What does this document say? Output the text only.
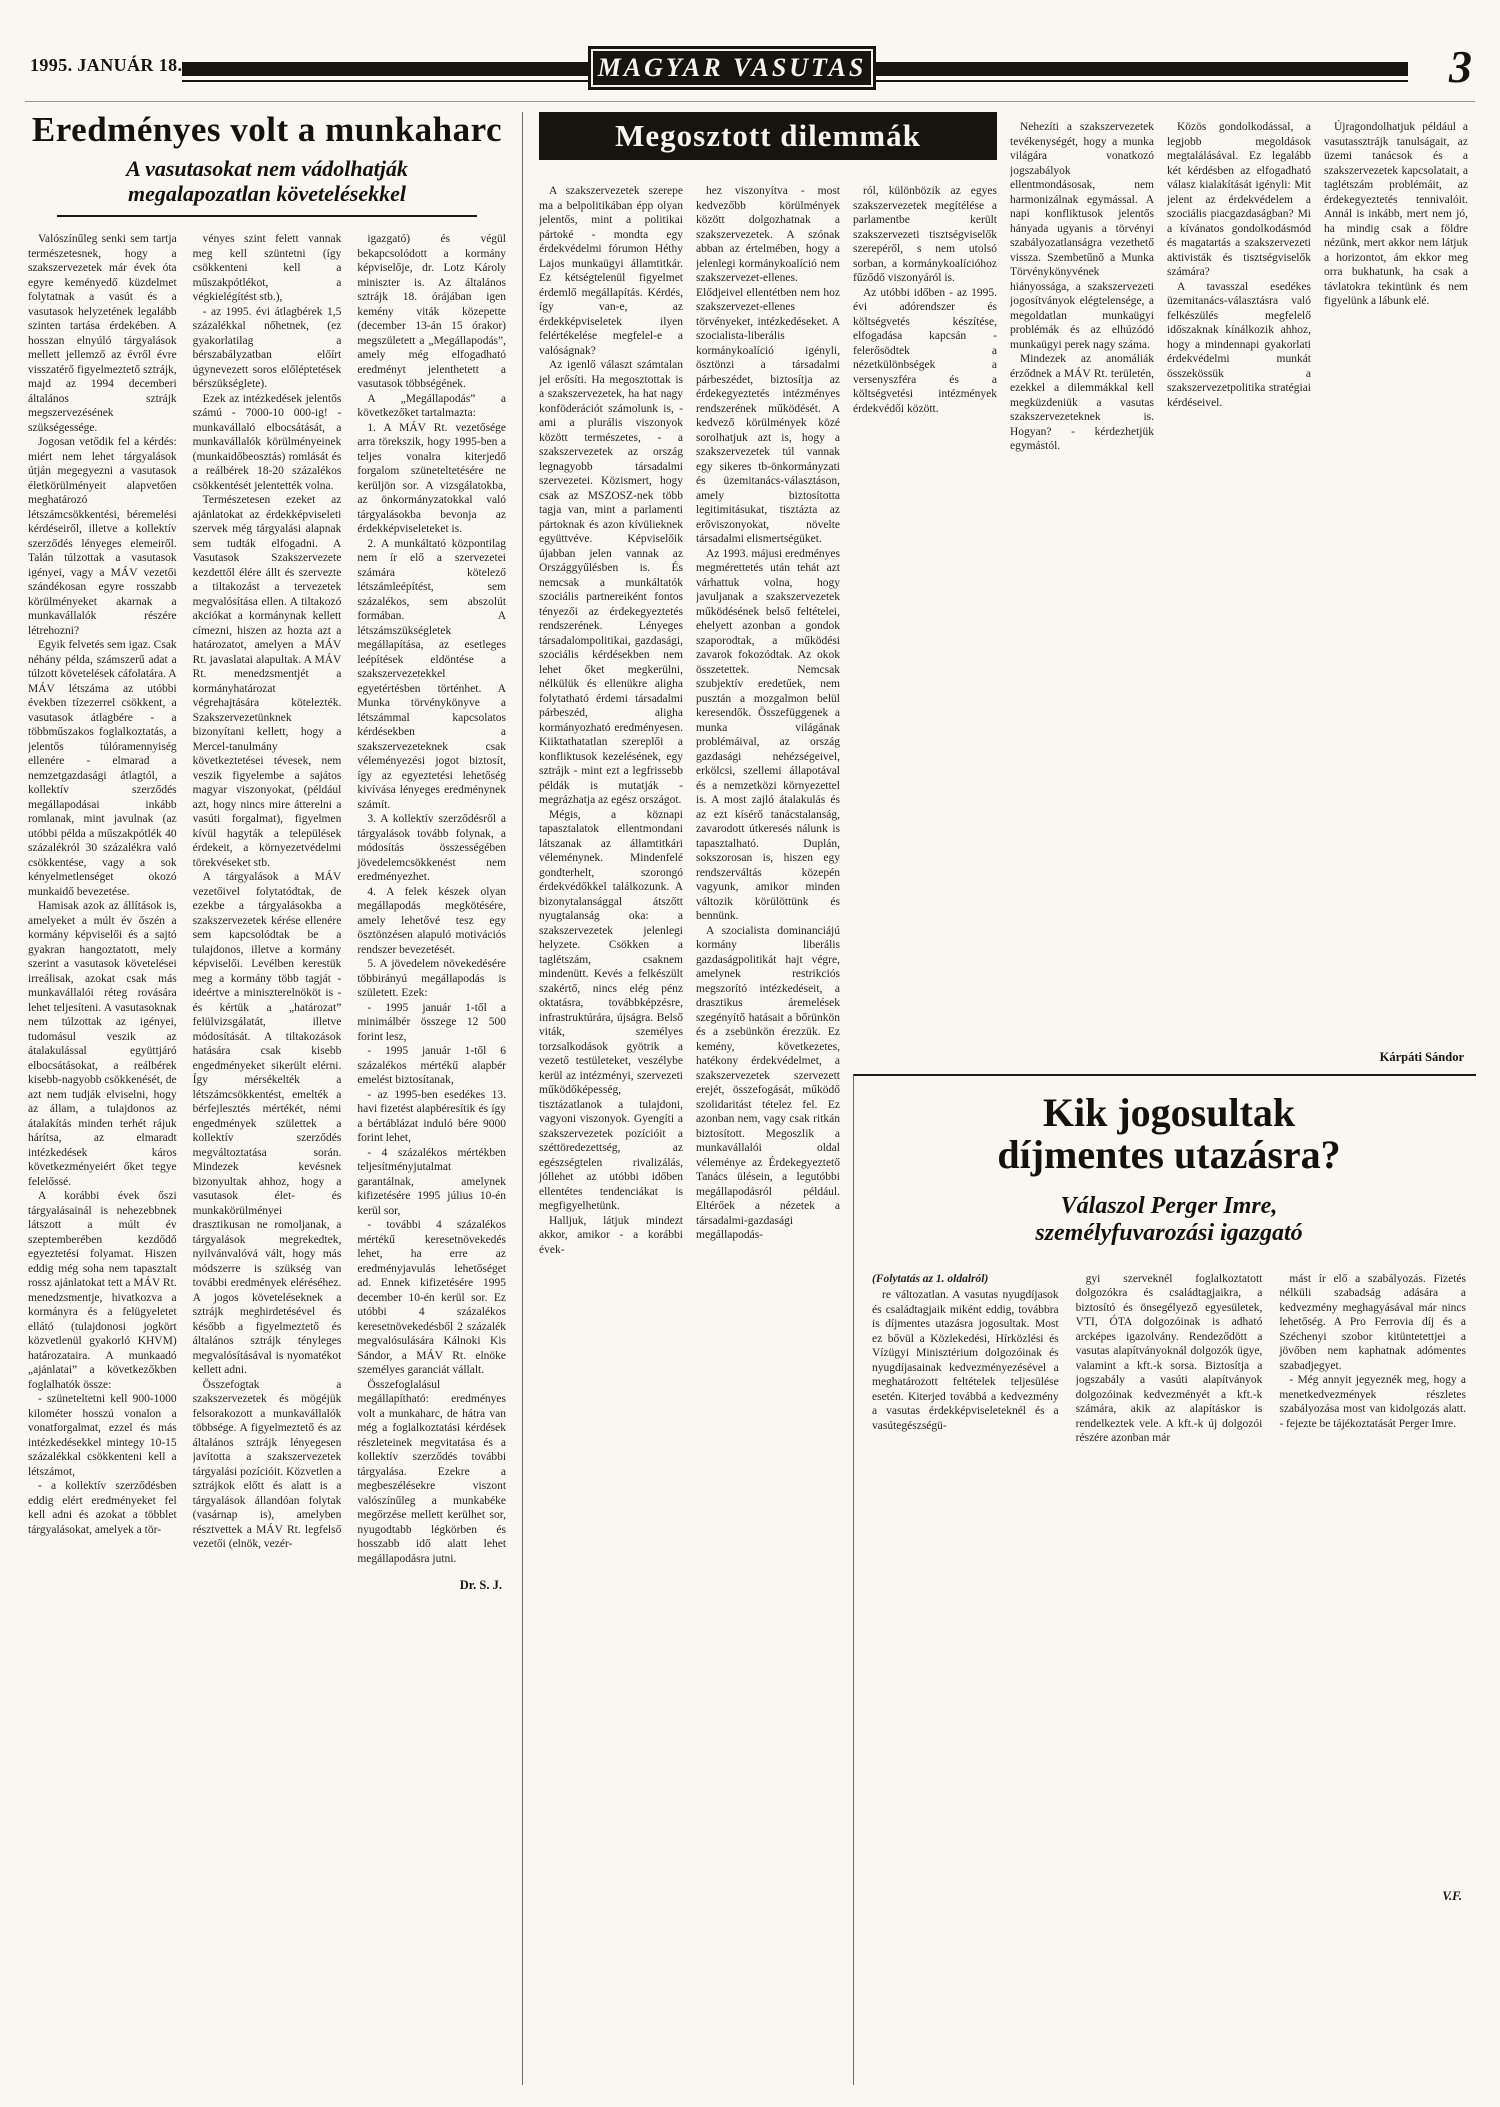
1995. JANUÁR 18.	MAGYAR VASUTAS	3
Eredményes volt a munkaharc
A vasutasokat nem vádolhatják
megalapozatlan követelésekkel

Valószínűleg senki sem tartja természetesnek, hogy a szakszervezetek már évek óta egyre keményedő küzdelmet folytatnak a vasút és a vasutasok helyzetének legalább szinten tartása érdekében. A hosszan elnyúló tárgyalások mellett jellemző az évről évre visszatérő figyelmeztető sztrájk, majd az 1994 decemberi általános sztrájk megszervezésének szükségessége.

Jogosan vetődik fel a kérdés: miért nem lehet tárgyalások útján megegyezni a vasutasok életkörülményeit alapvetően meghatározó létszámcsökkentési, béremelési kérdéseiről, illetve a kollektív szerződés lényeges elemeiről. Talán túlzottak a vasutasok igényei, vagy a MÁV vezetői szándékosan egyre rosszabb körülményeket akarnak a munkavállalók részére létrehozni?

Egyik felvetés sem igaz. Csak néhány példa, számszerű adat a túlzott követelések cáfolatára. A MÁV létszáma az utóbbi években tízezerrel csökkent, a vasutasok átlagbére - a többműszakos foglalkoztatás, a jelentős túlóramennyiség ellenére - elmarad a nemzetgazdasági átlagtól, a kollektív szerződés megállapodásai inkább romlanak, mint javulnak (az utóbbi példa a műszakpótlék 40 százalékról 30 százalékra való csökkentése, vagy a sok kényelmetlenséget okozó munkaidő bevezetése.

Hamisak azok az állítások is, amelyeket a múlt év őszén a kormány képviselői és a sajtó gyakran hangoztatott, mely szerint a vasutasok követelései irreálisak, azokat csak más munkavállalói réteg rovására lehet teljesíteni. A vasutasoknak nem túlzottak az igényei, tudomásul veszik az átalakulással együttjáró elbocsátásokat, a reálbérek kisebb-nagyobb csökkenését, de azt nem tudják elviselni, hogy az állam, a tulajdonos az átalakítás minden terhét rájuk hárítsa, az elmaradt intézkedések káros következményeiért őket tegye felelőssé.

A korábbi évek őszi tárgyalásainál is nehezebbnek látszott a múlt év szeptemberében kezdődő egyeztetési folyamat. Hiszen eddig még soha nem tapasztalt rossz ajánlatokat tett a MÁV Rt. menedzsmentje, hivatkozva a kormányra és a felügyeletet ellátó (tulajdonosi jogkört közvetlenül gyakorló KHVM) határozataira. A munkaadó „ajánlatai” a következőkben foglalhatók össze:

- szüneteltetni kell 900-1000 kilométer hosszú vonalon a vonatforgalmat, ezzel és más intézkedésekkel mintegy 10-15 százalékkal csökkenteni kell a létszámot,

- a kollektív szerződésben eddig elért eredményeket fel kell adni és azokat a többlet tárgyalásokat, amelyek a tör-

vényes szint felett vannak meg kell szüntetni (így csökkenteni kell a műszakpótlékot, a végkielégítést stb.),

- az 1995. évi átlagbérek 1,5 százalékkal nőhetnek, (ez gyakorlatilag a bérszabályzatban előírt úgynevezett soros előléptetések bérszükséglete).

Ezek az intézkedések jelentős számú - 7000-10 000-ig! - munkavállaló elbocsátását, a munkavállalók körülményeinek (munkaidőbeosztás) romlását és a reálbérek 18-20 százalékos csökkentését jelentették volna.

Természetesen ezeket az ajánlatokat az érdekképviseleti szervek még tárgyalási alapnak sem tudták elfogadni. A Vasutasok Szakszervezete kezdettől élére állt és szervezte a tiltakozást a tervezetek megvalósítása ellen. A tiltakozó akciókat a kormánynak kellett címezni, hiszen az hozta azt a határozatot, amelyen a MÁV Rt. javaslatai alapultak. A MÁV Rt. menedzsmentjét a kormányhatározat végrehajtására kötelezték. Szakszervezetünknek bizonyítani kellett, hogy a Mercel-tanulmány következtetései tévesek, nem veszik figyelembe a sajátos magyar viszonyokat, (például azt, hogy nincs mire átterelni a vasúti forgalmat), figyelmen kívül hagyták a települések érdekeit, a környezetvédelmi törekvéseket stb.

A tárgyalások a MÁV vezetőivel folytatódtak, de ezekbe a tárgyalásokba a szakszervezetek kérése ellenére sem kapcsolódtak be a tulajdonos, illetve a kormány képviselői. Levélben kerestük meg a kormány több tagját - ideértve a miniszterelnököt is - és kértük a „határozat” felülvizsgálatát, illetve módosítását. A tiltakozások hatására csak kisebb engedményeket sikerült elérni. Így mérsékelték a létszámcsökkentést, emelték a bérfejlesztés mértékét, némi engedmények születtek a kollektív szerződés megváltoztatása során. Mindezek kevésnek bizonyultak ahhoz, hogy a vasutasok élet- és munkakörülményei drasztikusan ne romoljanak, a tárgyalások megrekedtek, nyilvánvalóvá vált, hogy más módszerre is szükség van további eredmények eléréséhez. A jogos követeléseknek a sztrájk meghirdetésével és később a figyelmeztető és általános sztrájk tényleges megvalósításával is nyomatékot kellett adni.

Összefogtak a szakszervezetek és mögéjük felsorakozott a munkavállalók többsége. A figyelmeztető és az általános sztrájk lényegesen javította a szakszervezetek tárgyalási pozícióit. Közvetlen a sztrájkok előtt és alatt is a tárgyalások állandóan folytak (vasárnap is), amelyben résztvettek a MÁV Rt. legfelső vezetői (elnök, vezér-

igazgató) és végül bekapcsolódott a kormány képviselője, dr. Lotz Károly miniszter is. Az általános sztrájk 18. órájában igen kemény viták közepette (december 13-án 15 órakor) megszületett a „Megállapodás”, amely még elfogadható eredményt jelenthetett a vasutasok többségének.

A „Megállapodás” a következőket tartalmazta:

1. A MÁV Rt. vezetősége arra törekszik, hogy 1995-ben a teljes vonalra kiterjedő forgalom szüneteltetésére ne kerüljön sor. A vizsgálatokba, az önkormányzatokkal való tárgyalásokba bevonja az érdekképviseleteket is.

2. A munkáltató központilag nem ír elő a szervezetei számára kötelező létszámleépítést, sem százalékos, sem abszolút formában. A létszámszükségletek megállapítása, az esetleges leépítések eldöntése a szakszervezetekkel egyetértésben történhet. A Munka törvénykönyve a létszámmal kapcsolatos kérdésekben a szakszervezeteknek csak véleményezési jogot biztosít, így az egyeztetési lehetőség kivívása lényeges eredménynek számít.

3. A kollektív szerződésről a tárgyalások tovább folynak, a módosítás összességében jövedelemcsökkenést nem eredményezhet.

4. A felek készek olyan megállapodás megkötésére, amely lehetővé tesz egy ösztönzésen alapuló motivációs rendszer bevezetését.

5. A jövedelem növekedésére többirányú megállapodás is született. Ezek:

- 1995 január 1-től a minimálbér összege 12 500 forint lesz,

- 1995 január 1-től 6 százalékos mértékű alapbér emelést biztosítanak,

- az 1995-ben esedékes 13. havi fizetést alapbéresítik és így a bértáblázat induló bére 9000 forint lehet,

- 4 százalékos mértékben teljesítményjutalmat garantálnak, amelynek kifizetésére 1995 július 10-én kerül sor,

- további 4 százalékos mértékű keresetnövekedés lehet, ha erre az eredményjavulás lehetőséget ad. Ennek kifizetésére 1995 december 10-én kerül sor. Ez utóbbi 4 százalékos keresetnövekedésből 2 százalék megvalósulására Kálnoki Kis Sándor, a MÁV Rt. elnöke személyes garanciát vállalt.

Összefoglalásul megállapítható: eredményes volt a munkaharc, de hátra van még a foglalkoztatási kérdések részleteinek megvitatása és a kollektív szerződés további tárgyalása. Ezekre a megbeszélésekre viszont valószínűleg a munkabéke megőrzése mellett kerülhet sor, nyugodtabb légkörben és hosszabb idő alatt lehet megállapodásra jutni.

Dr. S. J.
Megosztott dilemmák

A szakszervezetek szerepe ma a belpolitikában épp olyan jelentős, mint a politikai pártoké - mondta egy érdekvédelmi fórumon Héthy Lajos munkaügyi államtitkár. Ez kétségtelenül figyelmet érdemlő megállapítás. Kérdés, így van-e, az érdekképviseletek ilyen felértékelése megfelel-e a valóságnak?

Az igenlő választ számtalan jel erősíti. Ha megosztottak is a szakszervezetek, ha hat nagy konföderációt számolunk is, - ami a plurális viszonyok között természetes, - a szakszervezetek az ország legnagyobb társadalmi szervezetei. Közismert, hogy csak az MSZOSZ-nek több tagja van, mint a parlamenti pártoknak és azon kívülieknek együttvéve. Képviselőik újabban jelen vannak az Országgyűlésben is. És nemcsak a munkáltatók szociális partnereiként fontos tényezői az érdekegyeztetés rendszerének. Lényeges társadalompolitikai, gazdasági, szociális kérdésekben nem lehet őket megkerülni, nélkülük és ellenükre aligha folytatható érdemi társadalmi párbeszéd, aligha kormányozható eredményesen. Kiiktathatatlan szereplői a konfliktusok kezelésének, egy sztrájk - mint ezt a legfrissebb példák is mutatják - megrázhatja az egész országot.

Mégis, a köznapi tapasztalatok ellentmondani látszanak az államtitkári véleménynek. Mindenfelé gondterhelt, szorongó érdekvédőkkel találkozunk. A bizonytalansággal átszőtt nyugtalanság oka: a szakszervezetek jelenlegi helyzete. Csökken a taglétszám, csaknem mindenütt. Kevés a felkészült szakértő, nincs elég pénz oktatásra, továbbképzésre, infrastruktúrára, újságra. Belső viták, személyes torzsalkodások gyötrik a vezető testületeket, veszélybe kerül az intézményi, szervezeti működőképesség, tisztázatlanok a tulajdoni, vagyoni viszonyok. Gyengíti a szakszervezetek pozícióit a széttöredezettség, az egészségtelen rivalizálás, jóllehet az utóbbi időben ellentétes tendenciákat is megfigyelhetünk.

Halljuk, látjuk mindezt akkor, amikor - a korábbi évek-

hez viszonyítva - most kedvezőbb körülmények között dolgozhatnak a szakszervezetek. A szónak abban az értelmében, hogy a jelenlegi kormánykoalíció nem szakszervezet-ellenes. Elődjeivel ellentétben nem hoz szakszervezet-ellenes törvényeket, intézkedéseket. A szocialista-liberális kormánykoalíció igényli, ösztönzi a társadalmi párbeszédet, biztosítja az érdekegyeztetés intézményes rendszerének működését. A kedvező körülmények közé sorolhatjuk azt is, hogy a szakszervezetek túl vannak egy sikeres tb-önkormányzati és üzemitanács-választáson, amely biztosította legitimitásukat, tisztázta az erőviszonyokat, növelte társadalmi elismertségüket.

Az 1993. májusi eredményes megmérettetés után tehát azt várhattuk volna, hogy javuljanak a szakszervezetek működésének belső feltételei, ehelyett azonban a gondok szaporodtak, a működési zavarok fokozódtak. Az okok összetettek. Nemcsak szubjektív eredetűek, nem pusztán a mozgalmon belül keresendők. Összefüggenek a munka világának problémáival, az ország gazdasági nehézségeivel, erkölcsi, szellemi állapotával és a nemzetközi környezettel is. A most zajló átalakulás és az ezt kísérő tanácstalanság, zavarodott útkeresés nálunk is tapasztalható. Duplán, sokszorosan is, hiszen egy rendszerváltás közepén vagyunk, amikor minden változik körülöttünk és bennünk.

A szocialista dominanciájú kormány liberális gazdaságpolitikát hajt végre, amelynek restrikciós megszorító intézkedéseit, a drasztikus áremelések szegényítő hatásait a bőrünkön és a zsebünkön érezzük. Ez kemény, következetes, hatékony érdekvédelmet, a szakszervezetek szervezett erejét, összefogását, működő szolidaritást tételez fel. Ez azonban nem, vagy csak ritkán biztosított. Megoszlik a munkavállalói oldal véleménye az Érdekegyeztető Tanács ülésein, a legutóbbi megállapodásról például. Eltérőek a nézetek a társadalmi-gazdasági megállapodás-

ról, különbözik az egyes szakszervezetek megítélése a parlamentbe került szakszervezeti tisztségviselők szerepéről, s nem utolsó sorban, a kormánykoalícióhoz fűződő viszonyáról is.

Az utóbbi időben - az 1995. évi adórendszer és költségvetés készítése, elfogadása kapcsán - felerősödtek a nézetkülönbségek a versenyszféra és a költségvetési intézmények érdekvédői között.

Nehezíti a szakszervezetek tevékenységét, hogy a munka világára vonatkozó jogszabályok ellentmondásosak, nem harmonizálnak egymással. A napi konfliktusok jelentős hányada ugyanis a törvényi szabályozatlanságra vezethető vissza. Szembetűnő a Munka Törvénykönyvének hiányossága, a szakszervezeti jogosítványok elégtelensége, a megoldatlan munkaügyi problémák és az elhúzódó munkaügyi perek nagy száma.

Mindezek az anomáliák érződnek a MÁV Rt. területén, ezekkel a dilemmákkal kell megküzdeniük a vasutas szakszervezeteknek is. Hogyan? - kérdezhetjük egymástól.

Közös gondolkodással, a legjobb megoldások megtalálásával. Ez legalább két kérdésben az elfogadható válasz kialakítását igényli: Mit jelent az érdekvédelem a szociális piacgazdaságban? Mi a kívánatos gondolkodásmód és magatartás a szakszervezeti aktivisták és tisztségviselők számára?

A tavasszal esedékes üzemitanács-választásra való felkészülés megfelelő időszaknak kínálkozik ahhoz, hogy a mindennapi gyakorlati érdekvédelmi munkát összekössük a szakszervezetpolitika stratégiai kérdéseivel.

Újragondolhatjuk például a vasutassztrájk tanulságait, az üzemi tanácsok és a szakszervezetek kapcsolatait, a taglétszám problémáit, az érdekegyeztetés tennivalóit. Annál is inkább, mert nem jó, ha mindig csak a földre nézünk, mert akkor nem látjuk a horizontot, ám ekkor meg orra bukhatunk, ha csak a távlatokra tekintünk és nem figyelünk a lábunk elé.

Kárpáti Sándor
Kik jogosultak
díjmentes utazásra?
Válaszol Perger Imre,
személyfuvarozási igazgató
(Folytatás az 1. oldalról)

re változatlan. A vasutas nyugdíjasok és családtagjaik miként eddig, továbbra is díjmentes utazásra jogosultak. Most ez bővül a Közlekedési, Hírközlési és Vízügyi Minisztérium dolgozóinak és nyugdíjasainak kedvezményezésével a meghatározott feltételek teljesülése esetén. Kiterjed továbbá a kedvezmény a vasutas érdekképviseleteknél és a vasútegészségü-

gyi szerveknél foglalkoztatott dolgozókra és családtagjaikra, a biztosító és önsegélyező egyesületek, VTI, ÓTA dolgozóinak is adható arcképes igazolvány. Rendeződött a vasutas alapítványoknál dolgozók ügye, valamint a kft.-k sorsa. Biztosítja a jogszabály a vasúti alapítványok dolgozóinak kedvezményét a kft.-k számára, akik az alapításkor is rendelkeztek vele. A kft.-k új dolgozói részére azonban már

mást ír elő a szabályozás. Fizetés nélküli szabadság adására a kedvezmény meghagyásával már nincs lehetőség. A Pro Ferrovia díj és a Széchenyi szobor kitüntetettjei a jövőben nem kaphatnak adómentes szabadjegyet.

- Még annyit jegyeznék meg, hogy a menetkedvezmények részletes szabályozása most van kidolgozás alatt. - fejezte be tájékoztatását Perger Imre.

V.F.
